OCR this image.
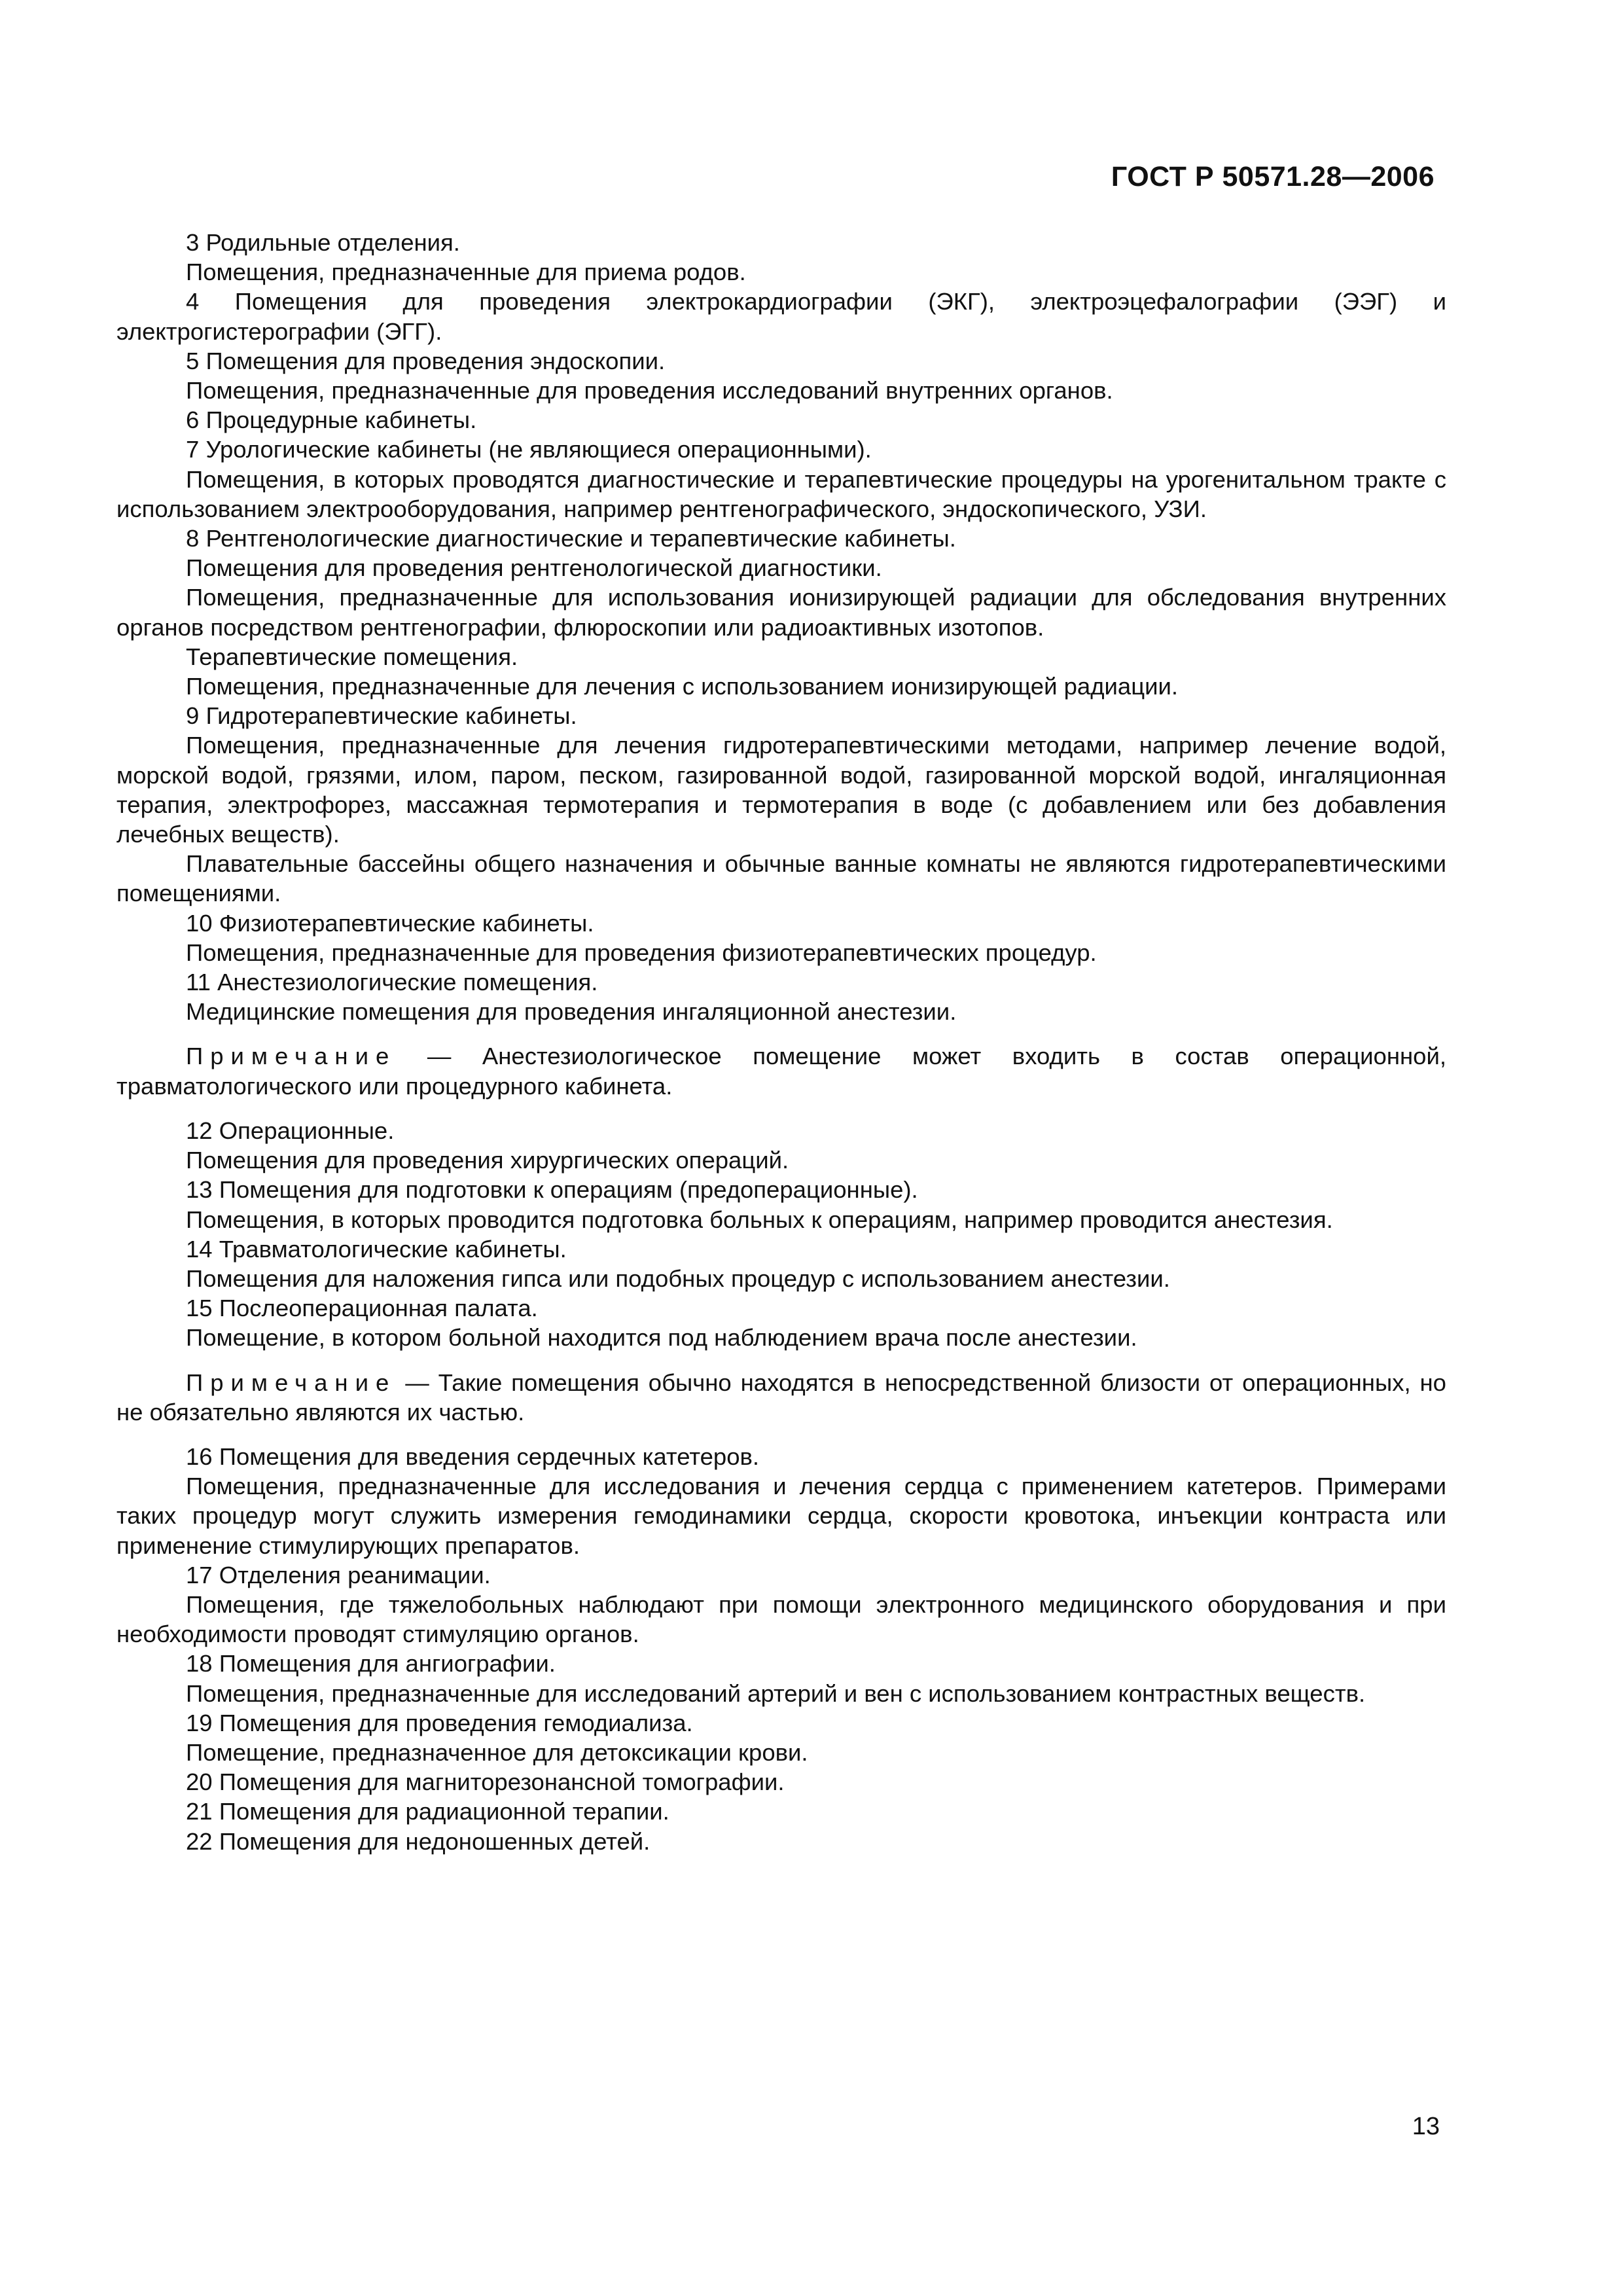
ГОСТ Р 50571.28—2006

3 Родильные отделения.

Помещения, предназначенные для приема родов.

4 Помещения для проведения электрокардиографии (ЭКГ), электроэцефалографии (ЭЭГ) и электрогистерографии (ЭГГ).

5 Помещения для проведения эндоскопии.

Помещения, предназначенные для проведения исследований внутренних органов.

6 Процедурные кабинеты.

7 Урологические кабинеты (не являющиеся операционными).

Помещения, в которых проводятся диагностические и терапевтические процедуры на урогенитальном тракте с использованием электрооборудования, например рентгенографического, эндоскопического, УЗИ.

8 Рентгенологические диагностические и терапевтические кабинеты.

Помещения для проведения рентгенологической диагностики.

Помещения, предназначенные для использования ионизирующей радиации для обследования внутренних органов посредством рентгенографии, флюроскопии или радиоактивных изотопов.

Терапевтические помещения.

Помещения, предназначенные для лечения с использованием ионизирующей радиации.

9 Гидротерапевтические кабинеты.

Помещения, предназначенные для лечения гидротерапевтическими методами, например лечение водой, морской водой, грязями, илом, паром, песком, газированной водой, газированной морской водой, ингаляционная терапия, электрофорез, массажная термотерапия и термотерапия в воде (с добавлением или без добавления лечебных веществ).

Плавательные бассейны общего назначения и обычные ванные комнаты не являются гидротерапевтическими помещениями.

10 Физиотерапевтические кабинеты.

Помещения, предназначенные для проведения физиотерапевтических процедур.

11 Анестезиологические помещения.

Медицинские помещения для проведения ингаляционной анестезии.

Примечание — Анестезиологическое помещение может входить в состав операционной, травматологического или процедурного кабинета.

12 Операционные.

Помещения для проведения хирургических операций.

13 Помещения для подготовки к операциям (предоперационные).

Помещения, в которых проводится подготовка больных к операциям, например проводится анестезия.

14 Травматологические кабинеты.

Помещения для наложения гипса или подобных процедур с использованием анестезии.

15 Послеоперационная палата.

Помещение, в котором больной находится под наблюдением врача после анестезии.

Примечание — Такие помещения обычно находятся в непосредственной близости от операционных, но не обязательно являются их частью.

16 Помещения для введения сердечных катетеров.

Помещения, предназначенные для исследования и лечения сердца с применением катетеров. Примерами таких процедур могут служить измерения гемодинамики сердца, скорости кровотока, инъекции контраста или применение стимулирующих препаратов.

17 Отделения реанимации.

Помещения, где тяжелобольных наблюдают при помощи электронного медицинского оборудования и при необходимости проводят стимуляцию органов.

18 Помещения для ангиографии.

Помещения, предназначенные для исследований артерий и вен с использованием контрастных веществ.

19 Помещения для проведения гемодиализа.

Помещение, предназначенное для детоксикации крови.

20 Помещения для магниторезонансной томографии.

21 Помещения для радиационной терапии.

22 Помещения для недоношенных детей.

13
